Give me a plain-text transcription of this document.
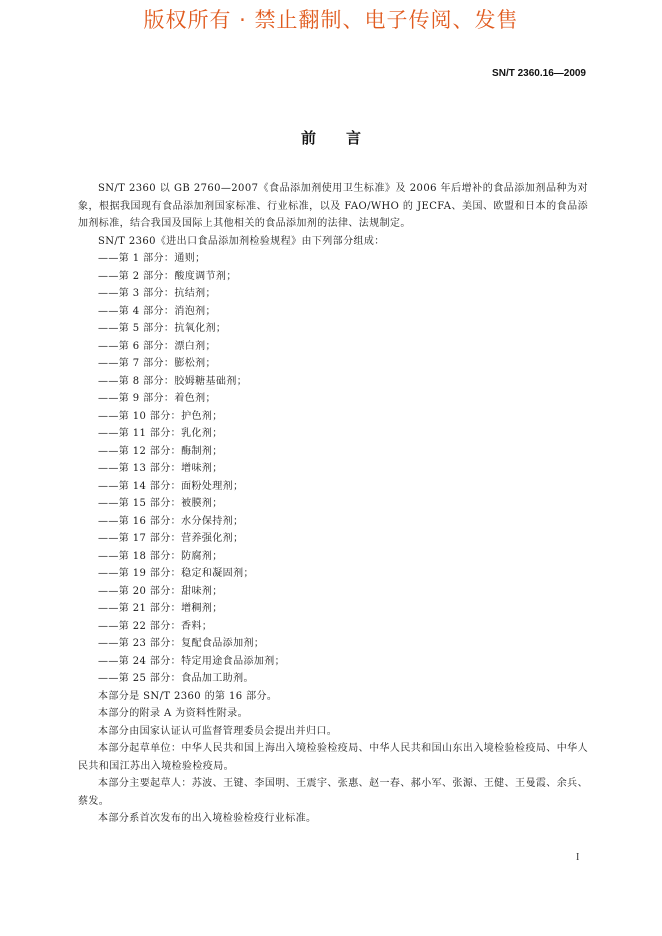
版权所有 · 禁止翻制、电子传阅、发售
SN/T 2360.16—2009
前言

SN/T 2360 以 GB 2760—2007《食品添加剂使用卫生标准》及 2006 年后增补的食品添加剂品种为对象，根据我国现有食品添加剂国家标准、行业标准，以及 FAO/WHO 的 JECFA、美国、欧盟和日本的食品添加剂标准，结合我国及国际上其他相关的食品添加剂的法律、法规制定。

SN/T 2360《进出口食品添加剂检验规程》由下列部分组成：

——第 1 部分：通则；
——第 2 部分：酸度调节剂；
——第 3 部分：抗结剂；
——第 4 部分：消泡剂；
——第 5 部分：抗氧化剂；
——第 6 部分：漂白剂；
——第 7 部分：膨松剂；
——第 8 部分：胶姆糖基础剂；
——第 9 部分：着色剂；
——第 10 部分：护色剂；
——第 11 部分：乳化剂；
——第 12 部分：酶制剂；
——第 13 部分：增味剂；
——第 14 部分：面粉处理剂；
——第 15 部分：被膜剂；
——第 16 部分：水分保持剂；
——第 17 部分：营养强化剂；
——第 18 部分：防腐剂；
——第 19 部分：稳定和凝固剂；
——第 20 部分：甜味剂；
——第 21 部分：增稠剂；
——第 22 部分：香料；
——第 23 部分：复配食品添加剂；
——第 24 部分：特定用途食品添加剂；
——第 25 部分：食品加工助剂。

本部分是 SN/T 2360 的第 16 部分。

本部分的附录 A 为资料性附录。

本部分由国家认证认可监督管理委员会提出并归口。

本部分起草单位：中华人民共和国上海出入境检验检疫局、中华人民共和国山东出入境检验检疫局、中华人民共和国江苏出入境检验检疫局。

本部分主要起草人：苏波、王键、李国明、王震宇、张惠、赵一春、郝小军、张源、王健、王曼霞、余兵、蔡发。

本部分系首次发布的出入境检验检疫行业标准。

I
